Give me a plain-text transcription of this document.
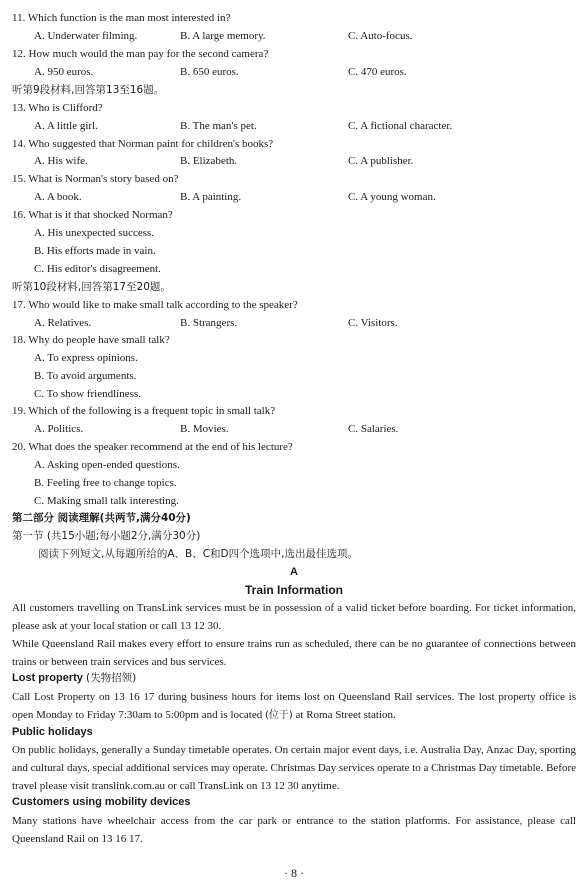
11. Which function is the man most interested in?
A. Underwater filming.	B. A large memory.	C. Auto-focus.
12. How much would the man pay for the second camera?
A. 950 euros.	B. 650 euros.	C. 470 euros.
听第9段材料,回答第13至16题。
13. Who is Clifford?
A. A little girl.	B. The man's pet.	C. A fictional character.
14. Who suggested that Norman paint for children's books?
A. His wife.	B. Elizabeth.	C. A publisher.
15. What is Norman's story based on?
A. A book.	B. A painting.	C. A young woman.
16. What is it that shocked Norman?
A. His unexpected success.
B. His efforts made in vain.
C. His editor's disagreement.
听第10段材料,回答第17至20题。
17. Who would like to make small talk according to the speaker?
A. Relatives.	B. Strangers.	C. Visitors.
18. Why do people have small talk?
A. To express opinions.
B. To avoid arguments.
C. To show friendliness.
19. Which of the following is a frequent topic in small talk?
A. Politics.	B. Movies.	C. Salaries.
20. What does the speaker recommend at the end of his lecture?
A. Asking open-ended questions.
B. Feeling free to change topics.
C. Making small talk interesting.
第二部分 阅读理解(共两节,满分40分)
第一节 (共15小题;每小题2分,满分30分)
阅读下列短文,从每题所给的A、B、C和D四个选项中,选出最佳选项。
A
Train Information
All customers travelling on TransLink services must be in possession of a valid ticket before boarding. For ticket information, please ask at your local station or call 13 12 30.
While Queensland Rail makes every effort to ensure trains run as scheduled, there can be no guarantee of connections between trains or between train services and bus services.
Lost property (失物招领)
Call Lost Property on 13 16 17 during business hours for items lost on Queensland Rail services. The lost property office is open Monday to Friday 7:30am to 5:00pm and is located (位于) at Roma Street station.
Public holidays
On public holidays, generally a Sunday timetable operates. On certain major event days, i.e. Australia Day, Anzac Day, sporting and cultural days, special additional services may operate. Christmas Day services operate to a Christmas Day timetable. Before travel please visit translink.com.au or call TransLink on 13 12 30 anytime.
Customers using mobility devices
Many stations have wheelchair access from the car park or entrance to the station platforms. For assistance, please call Queensland Rail on 13 16 17.
· 8 ·
